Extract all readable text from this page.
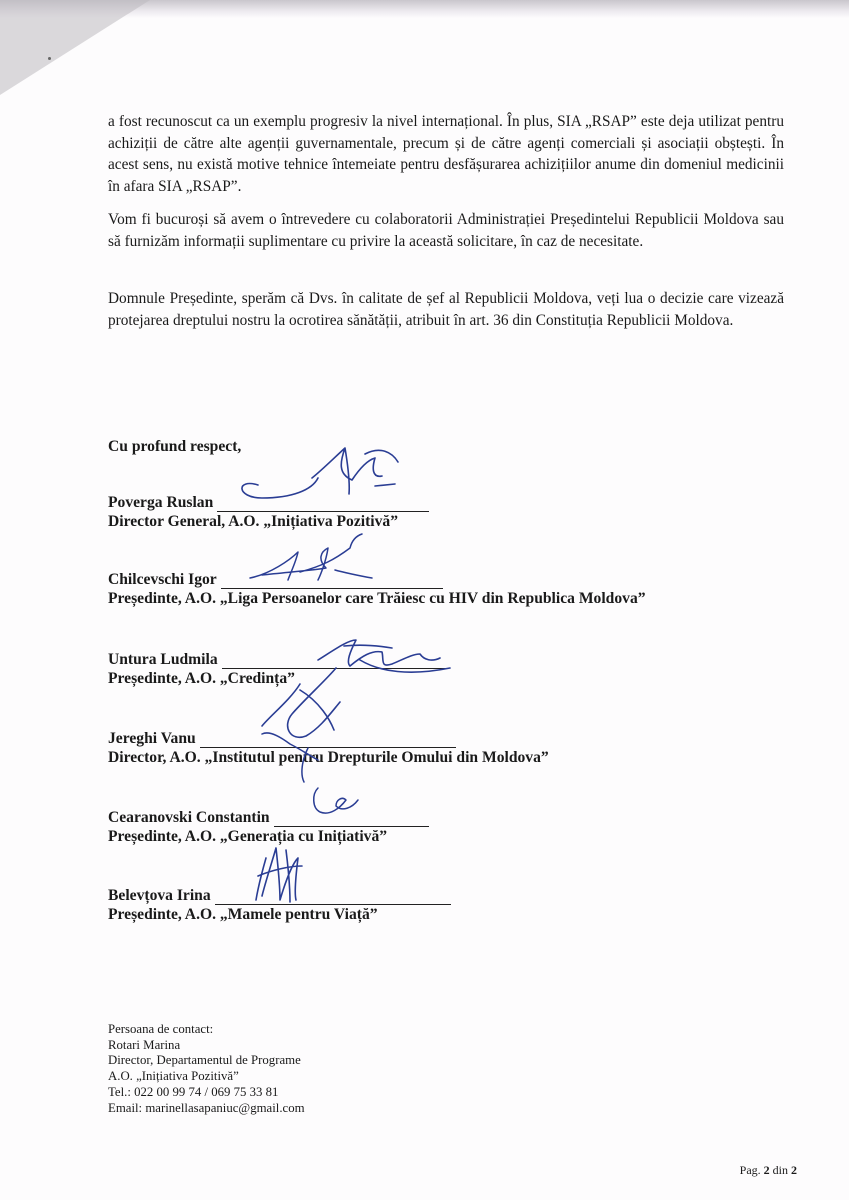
a fost recunoscut ca un exemplu progresiv la nivel internațional. În plus, SIA „RSAP” este deja utilizat pentru achiziții de către alte agenții guvernamentale, precum și de către agenți comerciali și asociații obștești. În acest sens, nu există motive tehnice întemeiate pentru desfășurarea achizițiilor anume din domeniul medicinii în afara SIA „RSAP”.

Vom fi bucuroși să avem o întrevedere cu colaboratorii Administrației Președintelui Republicii Moldova sau să furnizăm informații suplimentare cu privire la această solicitare, în caz de necesitate.

Domnule Președinte, sperăm că Dvs. în calitate de șef al Republicii Moldova, veți lua o decizie care vizează protejarea dreptului nostru la ocrotirea sănătății, atribuit în art. 36 din Constituția Republicii Moldova.

Cu profund respect,
Poverga Ruslan
Director General, A.O. „Inițiativa Pozitivă”
Chilcevschi Igor
Președinte, A.O. „Liga Persoanelor care Trăiesc cu HIV din Republica Moldova”
Untura Ludmila
Președinte, A.O. „Credința”
Jereghi Vanu
Director, A.O. „Institutul pentru Drepturile Omului din Moldova”
Cearanovski Constantin
Președinte, A.O. „Generația cu Inițiativă”
Belevțova Irina
Președinte, A.O. „Mamele pentru Viață”
Persoana de contact:
Rotari Marina
Director, Departamentul de Programe
A.O. „Inițiativa Pozitivă”
Tel.: 022 00 99 74 / 069 75 33 81
Email: marinellasapaniuc@gmail.com
Pag. 2 din 2
